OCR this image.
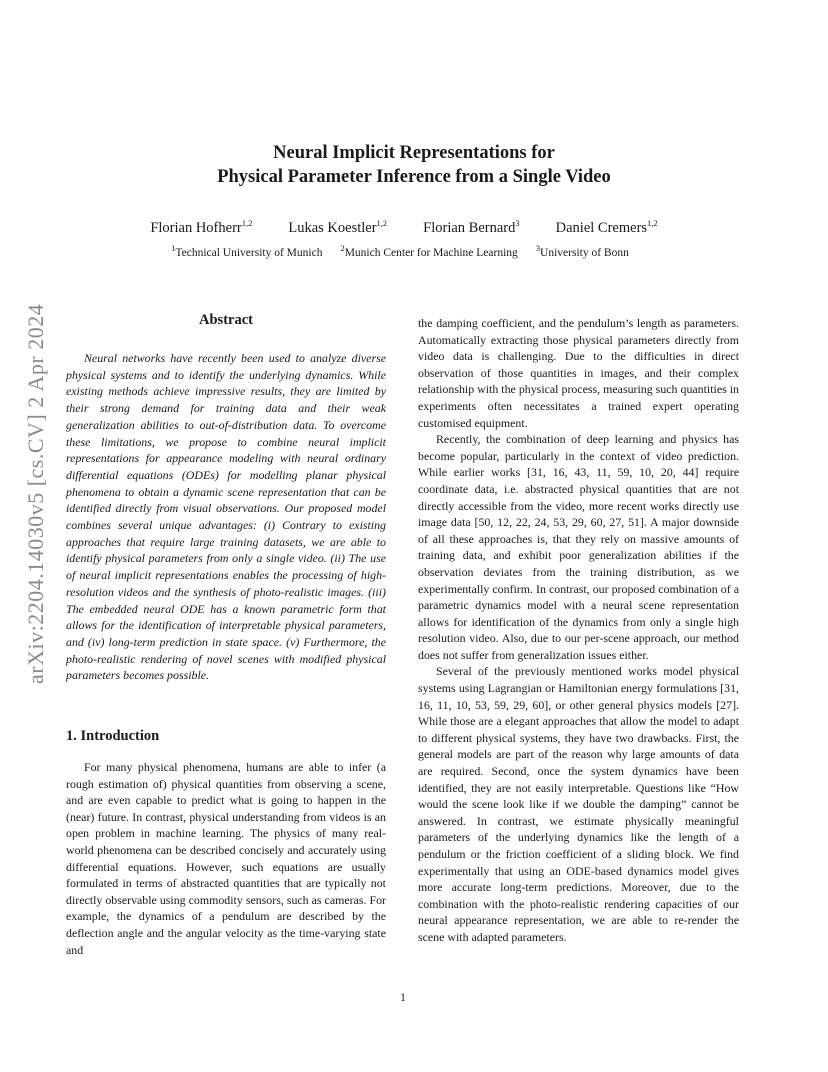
Neural Implicit Representations for
Physical Parameter Inference from a Single Video
Florian Hofherr$^{1,2}$ Lukas Koestler$^{1,2}$ Florian Bernard$^3$ Daniel Cremers$^{1,2}$
$^1$Technical University of Munich $^2$Munich Center for Machine Learning $^3$University of Bonn
arXiv:2204.14030v5 [cs.CV] 2 Apr 2024	Abstract

Neural networks have recently been used to analyze diverse physical systems and to identify the underlying dynamics. While existing methods achieve impressive results, they are limited by their strong demand for training data and their weak generalization abilities to out-of-distribution data. To overcome these limitations, we propose to combine neural implicit representations for appearance modeling with neural ordinary differential equations (ODEs) for modelling planar physical phenomena to obtain a dynamic scene representation that can be identified directly from visual observations. Our proposed model combines several unique advantages: (i) Contrary to existing approaches that require large training datasets, we are able to identify physical parameters from only a single video. (ii) The use of neural implicit representations enables the processing of high-resolution videos and the synthesis of photo-realistic images. (iii) The embedded neural ODE has a known parametric form that allows for the identification of interpretable physical parameters, and (iv) long-term prediction in state space. (v) Furthermore, the photo-realistic rendering of novel scenes with modified physical parameters becomes possible.

1. Introduction

For many physical phenomena, humans are able to infer (a rough estimation of) physical quantities from observing a scene, and are even capable to predict what is going to happen in the (near) future. In contrast, physical understanding from videos is an open problem in machine learning. The physics of many real-world phenomena can be described concisely and accurately using differential equations. However, such equations are usually formulated in terms of abstracted quantities that are typically not directly observable using commodity sensors, such as cameras. For example, the dynamics of a pendulum are described by the deflection angle and the angular velocity as the time-varying state and

the damping coefficient, and the pendulum’s length as parameters. Automatically extracting those physical parameters directly from video data is challenging. Due to the difficulties in direct observation of those quantities in images, and their complex relationship with the physical process, measuring such quantities in experiments often necessitates a trained expert operating customised equipment.

Recently, the combination of deep learning and physics has become popular, particularly in the context of video prediction. While earlier works [31, 16, 43, 11, 59, 10, 20, 44] require coordinate data, i.e. abstracted physical quantities that are not directly accessible from the video, more recent works directly use image data [50, 12, 22, 24, 53, 29, 60, 27, 51]. A major downside of all these approaches is, that they rely on massive amounts of training data, and exhibit poor generalization abilities if the observation deviates from the training distribution, as we experimentally confirm. In contrast, our proposed combination of a parametric dynamics model with a neural scene representation allows for identification of the dynamics from only a single high resolution video. Also, due to our per-scene approach, our method does not suffer from generalization issues either.

Several of the previously mentioned works model physical systems using Lagrangian or Hamiltonian energy formulations [31, 16, 11, 10, 53, 59, 29, 60], or other general physics models [27]. While those are a elegant approaches that allow the model to adapt to different physical systems, they have two drawbacks. First, the general models are part of the reason why large amounts of data are required. Second, once the system dynamics have been identified, they are not easily interpretable. Questions like “How would the scene look like if we double the damping” cannot be answered. In contrast, we estimate physically meaningful parameters of the underlying dynamics like the length of a pendulum or the friction coefficient of a sliding block. We find experimentally that using an ODE-based dynamics model gives more accurate long-term predictions. Moreover, due to the combination with the photo-realistic rendering capacities of our neural appearance representation, we are able to re-render the scene with adapted parameters.

1
